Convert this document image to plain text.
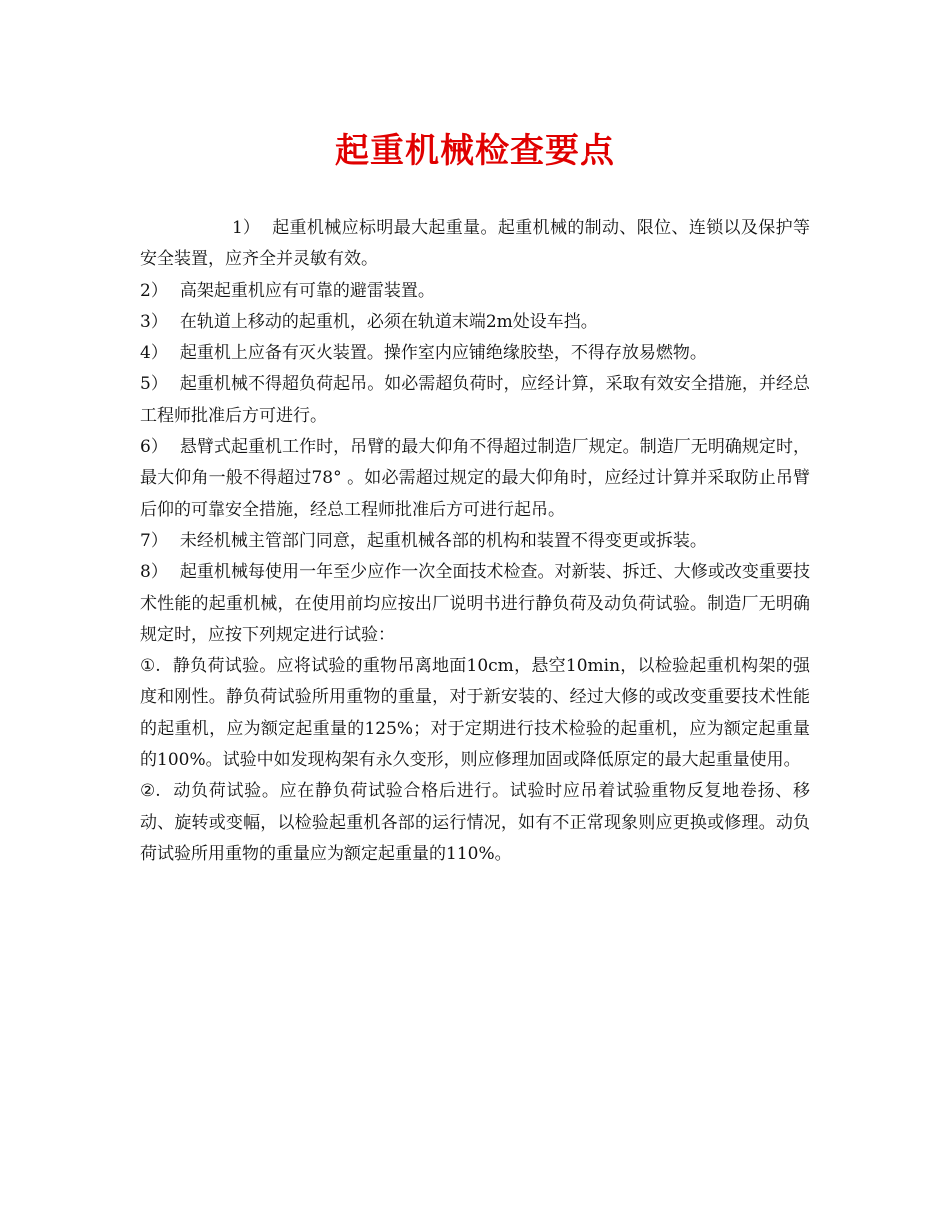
起重机械检查要点

1） 起重机械应标明最大起重量。起重机械的制动、限位、连锁以及保护等安全装置，应齐全并灵敏有效。

2） 高架起重机应有可靠的避雷装置。

3） 在轨道上移动的起重机，必须在轨道末端2m处设车挡。

4） 起重机上应备有灭火装置。操作室内应铺绝缘胶垫，不得存放易燃物。

5） 起重机械不得超负荷起吊。如必需超负荷时，应经计算，采取有效安全措施，并经总工程师批准后方可进行。

6） 悬臂式起重机工作时，吊臂的最大仰角不得超过制造厂规定。制造厂无明确规定时，最大仰角一般不得超过78° 。如必需超过规定的最大仰角时，应经过计算并采取防止吊臂后仰的可靠安全措施，经总工程师批准后方可进行起吊。

7） 未经机械主管部门同意，起重机械各部的机构和装置不得变更或拆装。

8） 起重机械每使用一年至少应作一次全面技术检查。对新装、拆迁、大修或改变重要技术性能的起重机械，在使用前均应按出厂说明书进行静负荷及动负荷试验。制造厂无明确规定时，应按下列规定进行试验：

①. 静负荷试验。应将试验的重物吊离地面10cm，悬空10min，以检验起重机构架的强度和刚性。静负荷试验所用重物的重量，对于新安装的、经过大修的或改变重要技术性能的起重机，应为额定起重量的125%；对于定期进行技术检验的起重机，应为额定起重量的100%。试验中如发现构架有永久变形，则应修理加固或降低原定的最大起重量使用。

②. 动负荷试验。应在静负荷试验合格后进行。试验时应吊着试验重物反复地卷扬、移动、旋转或变幅，以检验起重机各部的运行情况，如有不正常现象则应更换或修理。动负荷试验所用重物的重量应为额定起重量的110%。
